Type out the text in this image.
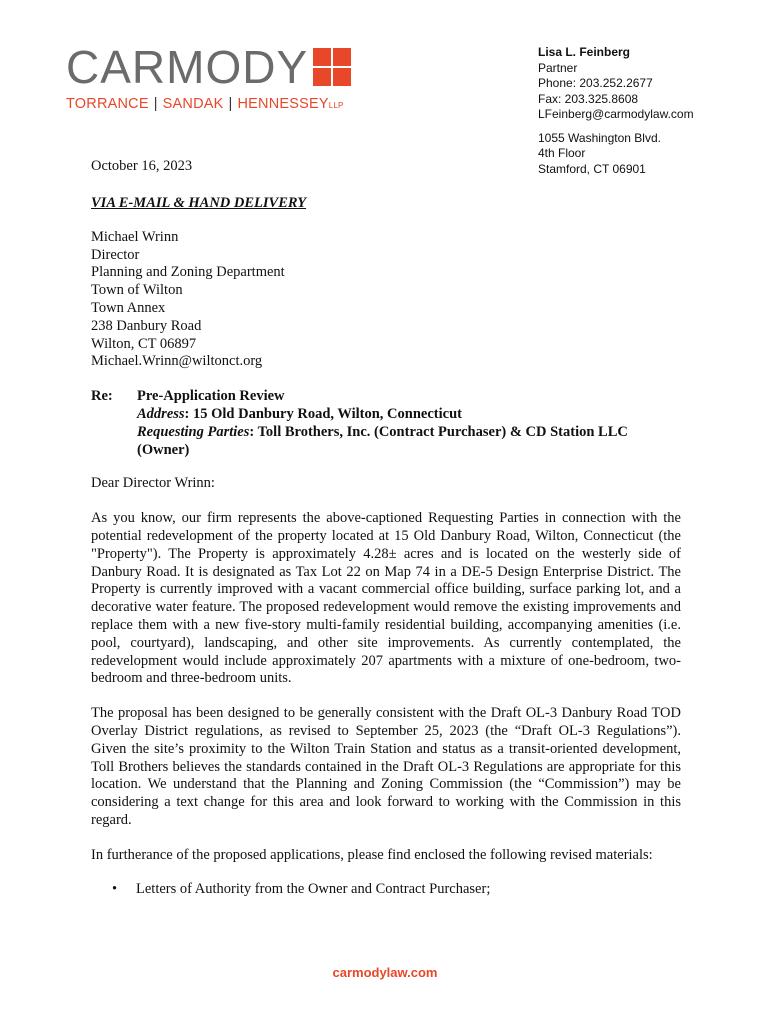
CARMODY
TORRANCE | SANDAK | HENNESSEYLLP
Lisa L. Feinberg
Partner
Phone: 203.252.2677
Fax: 203.325.8608
LFeinberg@carmodylaw.com
1055 Washington Blvd.
4th Floor
Stamford, CT 06901
October 16, 2023
VIA E-MAIL & HAND DELIVERY
Michael Wrinn
Director
Planning and Zoning Department
Town of Wilton
Town Annex
238 Danbury Road
Wilton, CT 06897
Michael.Wrinn@wiltonct.org
Re:	Pre-Application Review
Address: 15 Old Danbury Road, Wilton, Connecticut
Requesting Parties: Toll Brothers, Inc. (Contract Purchaser) & CD Station LLC (Owner)
Dear Director Wrinn:
As you know, our firm represents the above-captioned Requesting Parties in connection with the potential redevelopment of the property located at 15 Old Danbury Road, Wilton, Connecticut (the "Property"). The Property is approximately 4.28± acres and is located on the westerly side of Danbury Road. It is designated as Tax Lot 22 on Map 74 in a DE-5 Design Enterprise District. The Property is currently improved with a vacant commercial office building, surface parking lot, and a decorative water feature. The proposed redevelopment would remove the existing improvements and replace them with a new five-story multi-family residential building, accompanying amenities (i.e. pool, courtyard), landscaping, and other site improvements. As currently contemplated, the redevelopment would include approximately 207 apartments with a mixture of one-bedroom, two-bedroom and three-bedroom units.
The proposal has been designed to be generally consistent with the Draft OL-3 Danbury Road TOD Overlay District regulations, as revised to September 25, 2023 (the “Draft OL-3 Regulations”). Given the site’s proximity to the Wilton Train Station and status as a transit-oriented development, Toll Brothers believes the standards contained in the Draft OL-3 Regulations are appropriate for this location. We understand that the Planning and Zoning Commission (the “Commission”) may be considering a text change for this area and look forward to working with the Commission in this regard.
In furtherance of the proposed applications, please find enclosed the following revised materials:
• Letters of Authority from the Owner and Contract Purchaser;
carmodylaw.com
